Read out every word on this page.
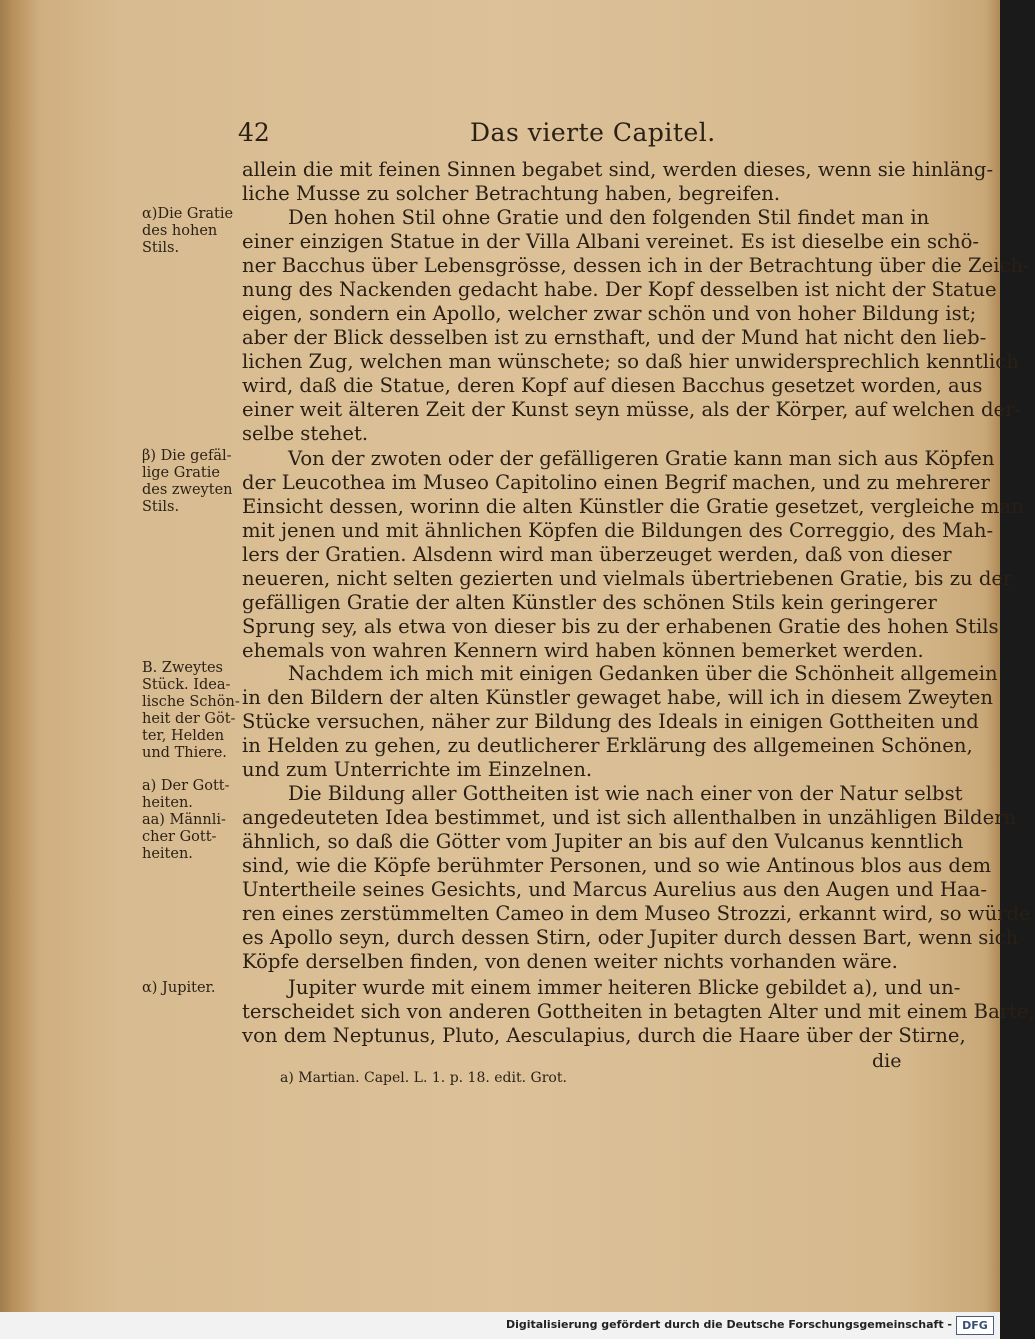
42	Das vierte Capitel.
allein die mit feinen Sinnen begabet sind, werden dieses, wenn sie hinläng-
liche Musse zu solcher Betrachtung haben, begreifen.
Den hohen Stil ohne Gratie und den folgenden Stil findet man in
einer einzigen Statue in der Villa Albani vereinet. Es ist dieselbe ein schö-
ner Bacchus über Lebensgrösse, dessen ich in der Betrachtung über die Zeich-
nung des Nackenden gedacht habe. Der Kopf desselben ist nicht der Statue
eigen, sondern ein Apollo, welcher zwar schön und von hoher Bildung ist;
aber der Blick desselben ist zu ernsthaft, und der Mund hat nicht den lieb-
lichen Zug, welchen man wünschete; so daß hier unwidersprechlich kenntlich
wird, daß die Statue, deren Kopf auf diesen Bacchus gesetzet worden, aus
einer weit älteren Zeit der Kunst seyn müsse, als der Körper, auf welchen der-
selbe stehet.
Von der zwoten oder der gefälligeren Gratie kann man sich aus Köpfen
der Leucothea im Museo Capitolino einen Begrif machen, und zu mehrerer
Einsicht dessen, worinn die alten Künstler die Gratie gesetzet, vergleiche man
mit jenen und mit ähnlichen Köpfen die Bildungen des Correggio, des Mah-
lers der Gratien. Alsdenn wird man überzeuget werden, daß von dieser
neueren, nicht selten gezierten und vielmals übertriebenen Gratie, bis zu der
gefälligen Gratie der alten Künstler des schönen Stils kein geringerer
Sprung sey, als etwa von dieser bis zu der erhabenen Gratie des hohen Stils
ehemals von wahren Kennern wird haben können bemerket werden.
Nachdem ich mich mit einigen Gedanken über die Schönheit allgemein
in den Bildern der alten Künstler gewaget habe, will ich in diesem Zweyten
Stücke versuchen, näher zur Bildung des Ideals in einigen Gottheiten und
in Helden zu gehen, zu deutlicherer Erklärung des allgemeinen Schönen,
und zum Unterrichte im Einzelnen.
Die Bildung aller Gottheiten ist wie nach einer von der Natur selbst
angedeuteten Idea bestimmet, und ist sich allenthalben in unzähligen Bildern
ähnlich, so daß die Götter vom Jupiter an bis auf den Vulcanus kenntlich
sind, wie die Köpfe berühmter Personen, und so wie Antinous blos aus dem
Untertheile seines Gesichts, und Marcus Aurelius aus den Augen und Haa-
ren eines zerstümmelten Cameo in dem Museo Strozzi, erkannt wird, so würde
es Apollo seyn, durch dessen Stirn, oder Jupiter durch dessen Bart, wenn sich
Köpfe derselben finden, von denen weiter nichts vorhanden wäre.
Jupiter wurde mit einem immer heiteren Blicke gebildet a), und un-
terscheidet sich von anderen Gottheiten in betagten Alter und mit einem Barte,
von dem Neptunus, Pluto, Aesculapius, durch die Haare über der Stirne,
α)Die Gratie
des hohen
Stils.
β) Die gefäl-
lige Gratie
des zweyten
Stils.
B. Zweytes
Stück. Idea-
lische Schön-
heit der Göt-
ter, Helden
und Thiere.
a) Der Gott-
heiten.
aa) Männli-
cher Gott-
heiten.
α) Jupiter.
die
a) Martian. Capel. L. 1. p. 18. edit. Grot.
Digitalisierung gefördert durch die Deutsche Forschungsgemeinschaft - DFG
